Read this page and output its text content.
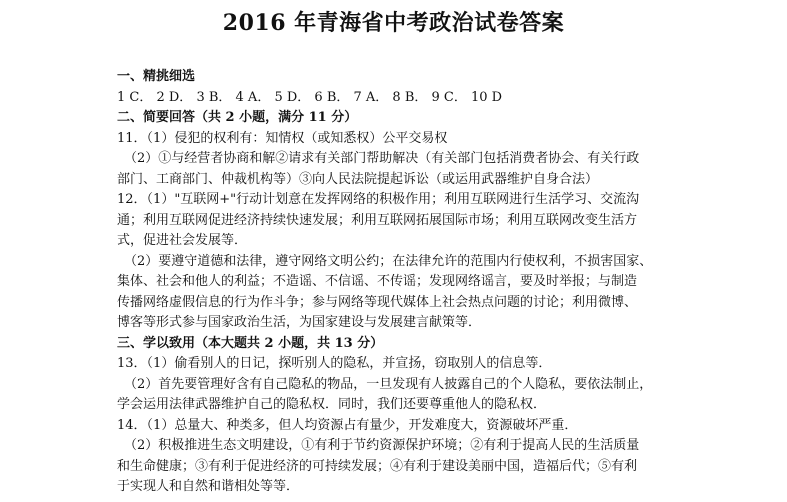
2016 年青海省中考政治试卷答案
一、精挑细选
1 C． 2 D． 3 B． 4 A． 5 D． 6 B． 7 A． 8 B． 9 C． 10 D
二、简要回答（共 2 小题，满分 11 分）
11．（1）侵犯的权利有：知情权（或知悉权）公平交易权
（2）①与经营者协商和解②请求有关部门帮助解决（有关部门包括消费者协会、有关行政
部门、工商部门、仲裁机构等）③向人民法院提起诉讼（或运用武器维护自身合法）
12．（1）"互联网+"行动计划意在发挥网络的积极作用；利用互联网进行生活学习、交流沟
通；利用互联网促进经济持续快速发展；利用互联网拓展国际市场；利用互联网改变生活方
式，促进社会发展等．
（2）要遵守道德和法律，遵守网络文明公约；在法律允许的范围内行使权利，不损害国家、
集体、社会和他人的利益；不造谣、不信谣、不传谣；发现网络谣言，要及时举报；与制造
传播网络虚假信息的行为作斗争；参与网络等现代媒体上社会热点问题的讨论；利用微博、
博客等形式参与国家政治生活，为国家建设与发展建言献策等．
三、学以致用（本大题共 2 小题，共 13 分）
13．（1）偷看别人的日记，探听别人的隐私，并宣扬，窃取别人的信息等．
（2）首先要管理好含有自己隐私的物品，一旦发现有人披露自己的个人隐私，要依法制止，
学会运用法律武器维护自己的隐私权．同时，我们还要尊重他人的隐私权．
14．（1）总量大、种类多，但人均资源占有量少，开发难度大，资源破坏严重．
（2）积极推进生态文明建设，①有利于节约资源保护环境；②有利于提高人民的生活质量
和生命健康；③有利于促进经济的可持续发展；④有利于建设美丽中国，造福后代；⑤有利
于实现人和自然和谐相处等等．
